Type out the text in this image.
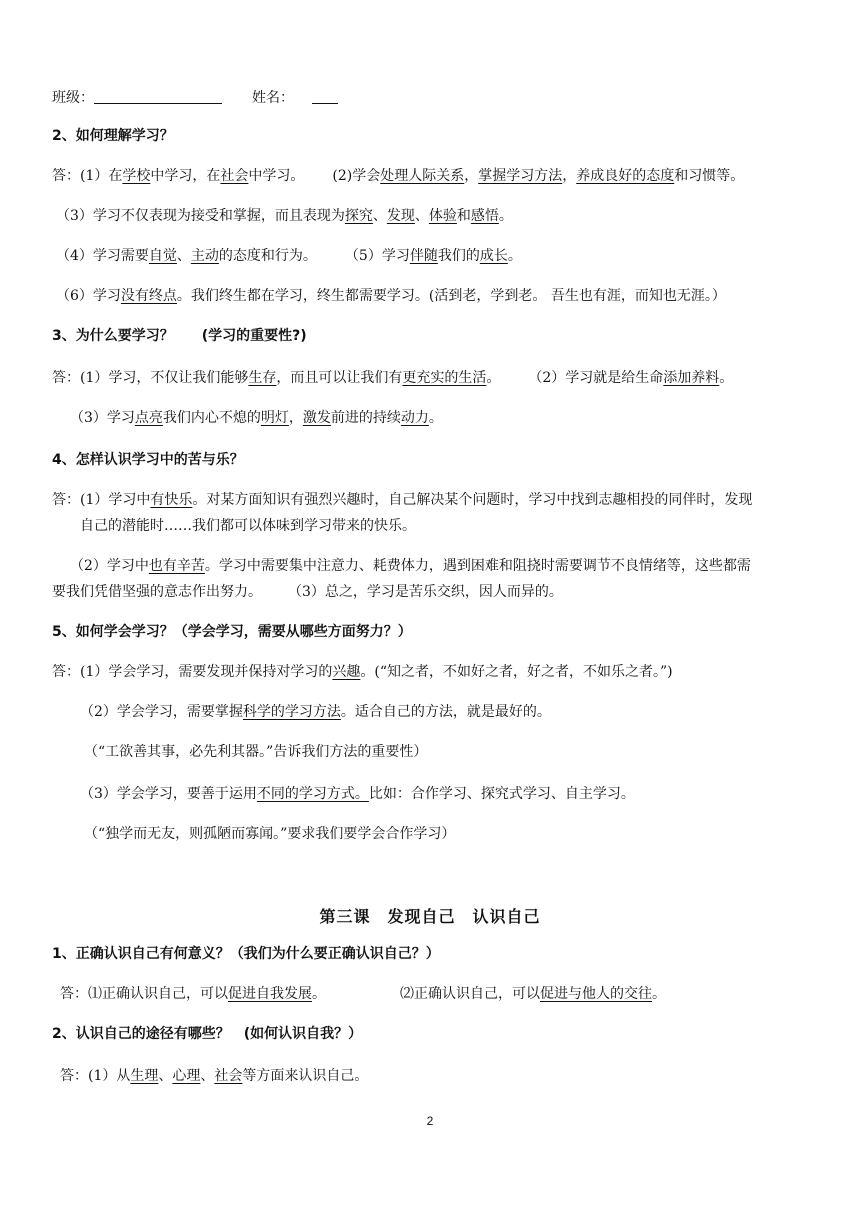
班级：	姓名：
2、如何理解学习？
答：(1）在学校中学习，在社会中学习。 (2)学会处理人际关系，掌握学习方法，养成良好的态度和习惯等。
（3）学习不仅表现为接受和掌握，而且表现为探究、发现、体验和感悟。
（4）学习需要自觉、主动的态度和行为。 （5）学习伴随我们的成长。
（6）学习没有终点。我们终生都在学习，终生都需要学习。(活到老，学到老。 吾生也有涯，而知也无涯。）
3、为什么要学习？　　(学习的重要性?)
答：(1）学习，不仅让我们能够生存，而且可以让我们有更充实的生活。 （2）学习就是给生命添加养料。
（3）学习点亮我们内心不熄的明灯，激发前进的持续动力。
4、怎样认识学习中的苦与乐？
答：(1）学习中有快乐。对某方面知识有强烈兴趣时，自己解决某个问题时，学习中找到志趣相投的同伴时，发现
自己的潜能时……我们都可以体味到学习带来的快乐。
（2）学习中也有辛苦。学习中需要集中注意力、耗费体力，遇到困难和阻挠时需要调节不良情绪等，这些都需
要我们凭借坚强的意志作出努力。 （3）总之，学习是苦乐交织，因人而异的。
5、如何学会学习？（学会学习，需要从哪些方面努力？）
答：(1）学会学习，需要发现并保持对学习的兴趣。(“知之者，不如好之者，好之者，不如乐之者。”)
（2）学会学习，需要掌握科学的学习方法。适合自己的方法，就是最好的。
（“工欲善其事，必先利其器。”告诉我们方法的重要性）
（3）学会学习，要善于运用不同的学习方式。比如：合作学习、探究式学习、自主学习。
（“独学而无友，则孤陋而寡闻。”要求我们要学会合作学习）
第三课　发现自己　认识自己
1、正确认识自己有何意义？（我们为什么要正确认识自己？）
答：⑴正确认识自己，可以促进自我发展。	⑵正确认识自己，可以促进与他人的交往。
2、认识自己的途径有哪些？　(如何认识自我？）
答：(1）从生理、心理、社会等方面来认识自己。
2
